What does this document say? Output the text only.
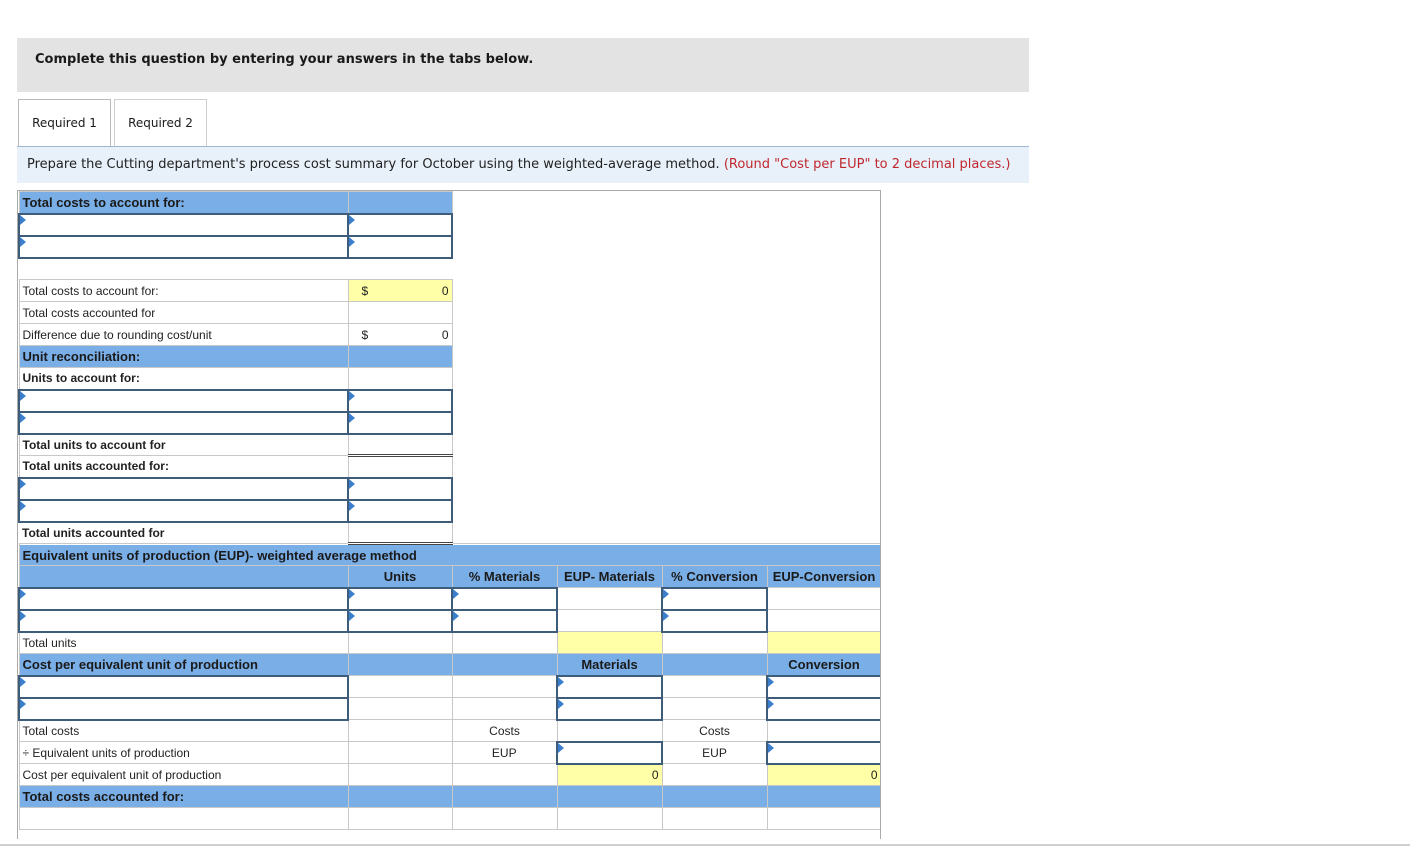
Complete this question by entering your answers in the tabs below.
Required 1	Required 2
Prepare the Cutting department's process cost summary for October using the weighted-average method. (Round "Cost per EUP" to 2 decimal places.)
Total costs to account for:					

Total costs to account for:	$ 0				
Total costs accounted for					
Difference due to rounding cost/unit	$ 0				
Unit reconciliation:					
Units to account for:					

Total units to account for					
Total units accounted for:					

Total units accounted for					
Equivalent units of production (EUP)- weighted average method					
	Units	% Materials	EUP- Materials	% Conversion	EUP-Conversion

Total units					
Cost per equivalent unit of production			Materials		Conversion

Total costs		Costs		Costs	
÷ Equivalent units of production		EUP		EUP	
Cost per equivalent unit of production			0		0
Total costs accounted for:					
